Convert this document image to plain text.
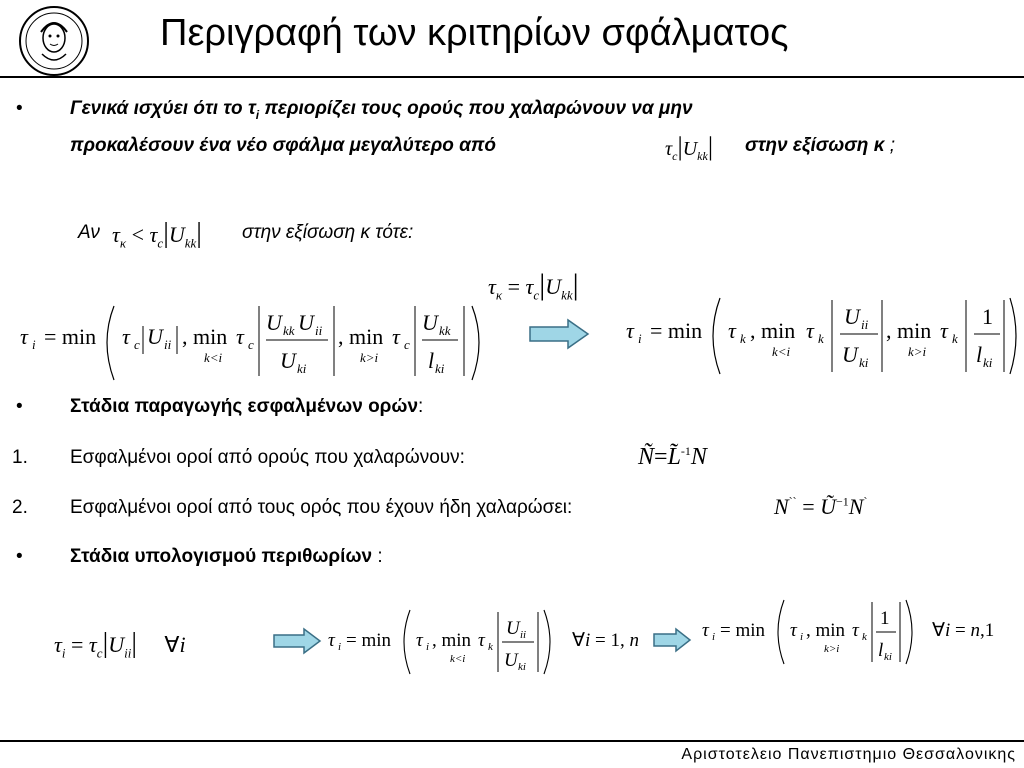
Περιγραφή των κριτηρίων σφάλματος
• Γενικά ισχύει ότι το $\tau_i$ περιορίζει τους ορούς που χαλαρώνουν να μην
προκαλέσουν ένα νέο σφάλμα μεγαλύτερο από	$\tau_c|U_{kk}|$ στην εξίσωση κ ;
Αν $\tau_\kappa < \tau_c|U_{kk}|$ στην εξίσωση κ τότε:
$\tau_\kappa = \tau_c|U_{kk}|$
τ i = min τ c U ii , min
k<i
τ c
U kk U ii
U ki
, min
k>i
τ c
U kk
l ki
τ i = min τ k , min
k<i
τ k
U ii
U ki
, min
k>i
τ k
1
l ki
• Στάδια παραγωγής εσφαλμένων ορών:
1. Εσφαλμένοι οροί από ορούς που χαλαρώνουν:	Ñ=L̃$^{-1}$N
2. Εσφαλμένοι οροί από τους ορός που έχουν ήδη χαλαρώσει:	$N^{``} = Ũ^{-1}N^`$
• Στάδια υπολογισμού περιθωρίων :
$\tau_i = \tau_c|U_{ii}|$     ∀i	τ i = min τ i , min
k<i
τ k
U ii
U ki
∀i = 1, n	τ i = min τ i , min
k>i
τ k
1
l ki
∀i = n,1
Αριστοτελειο Πανεπιστημιο Θεσσαλονικης
